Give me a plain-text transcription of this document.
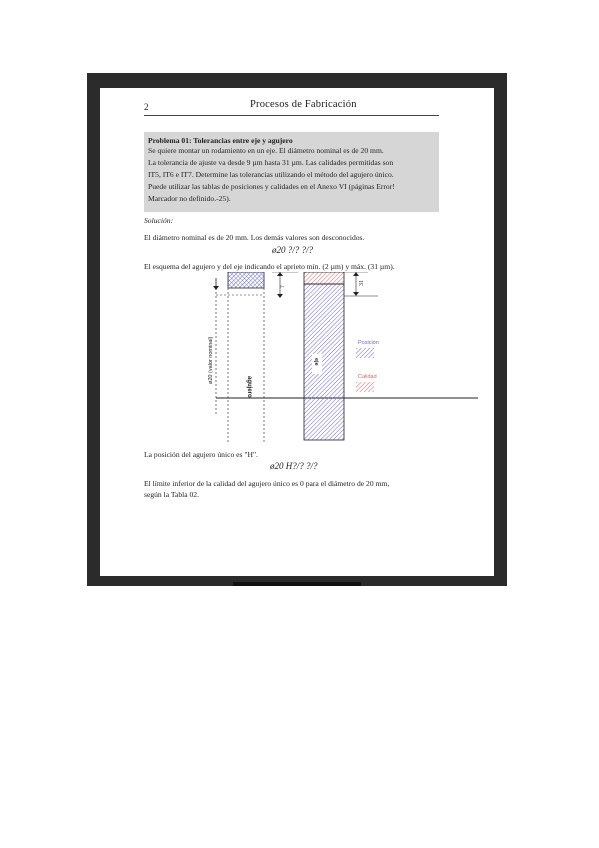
2	Procesos de Fabricación
Problema 01: Tolerancias entre eje y agujero
Se quiere montar un rodamiento en un eje. El diámetro nominal es de 20 mm.
La tolerancia de ajuste va desde 9 µm hasta 31 µm. Las calidades permitidas son
IT5, IT6 e IT7. Determine las tolerancias utilizando el método del agujero único.
Puede utilizar las tablas de posiciones y calidades en el Anexo VI (páginas Error!
Marcador no definido.-25).
Solución:
El diámetro nominal es de 20 mm. Los demás valores son desconocidos.
ø20 ?/? ?/?
El esquema del agujero y del eje indicando el aprieto mín. (2 µm) y máx. (31 µm).
?
31
Posición
Calidad
ø20 (valor nominal)
agujero
eje
La posición del agujero único es "H".
ø20 H?/? ?/?
El límite inferior de la calidad del agujero único es 0 para el diámetro de 20 mm,
según la Tabla 02.
